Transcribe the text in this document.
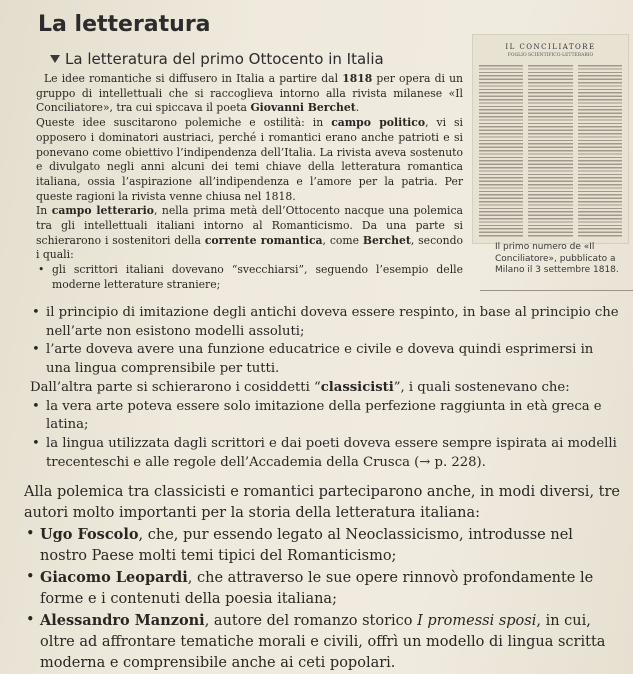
La letteratura
La letteratura del primo Ottocento in Italia
IL CONCILIATORE
FOGLIO SCIENTIFICO-LETTERARIO
Il primo numero de «Il Conciliatore», pubblicato a Milano il 3 settembre 1818.

Le idee romantiche si diffusero in Italia a partire dal 1818 per opera di un gruppo di intellettuali che si raccoglieva intorno alla rivista milanese «Il Conciliatore», tra cui spiccava il poeta Giovanni Berchet.

Queste idee suscitarono polemiche e ostilità: in campo politico, vi si opposero i dominatori austriaci, perché i romantici erano anche patrioti e si ponevano come obiettivo l’indipendenza dell’Italia. La rivista aveva sostenuto e divulgato negli anni alcuni dei temi chiave della letteratura romantica italiana, ossia l’aspirazione all’indipendenza e l’amore per la patria. Per queste ragioni la rivista venne chiusa nel 1818.

In campo letterario, nella prima metà dell’Ottocento nacque una polemica tra gli intellettuali italiani intorno al Romanticismo. Da una parte si schierarono i sostenitori della corrente romantica, come Berchet, secondo i quali:

• gli scrittori italiani dovevano “svecchiarsi”, seguendo l’esempio delle moderne letterature straniere;
• il principio di imitazione degli antichi doveva essere respinto, in base al principio che nell’arte non esistono modelli assoluti;
• l’arte doveva avere una funzione educatrice e civile e doveva quindi esprimersi in una lingua comprensibile per tutti.

Dall’altra parte si schierarono i cosiddetti “classicisti”, i quali sostenevano che:

• la vera arte poteva essere solo imitazione della perfezione raggiunta in età greca e latina;
• la lingua utilizzata dagli scrittori e dai poeti doveva essere sempre ispirata ai modelli trecenteschi e alle regole dell’Accademia della Crusca (→ p. 228).

Alla polemica tra classicisti e romantici parteciparono anche, in modi diversi, tre autori molto importanti per la storia della letteratura italiana:

• Ugo Foscolo, che, pur essendo legato al Neoclassicismo, introdusse nel nostro Paese molti temi tipici del Romanticismo;
• Giacomo Leopardi, che attraverso le sue opere rinnovò profondamente le forme e i contenuti della poesia italiana;
• Alessandro Manzoni, autore del romanzo storico I promessi sposi, in cui, oltre ad affrontare tematiche morali e civili, offrì un modello di lingua scritta moderna e comprensibile anche ai ceti popolari.
